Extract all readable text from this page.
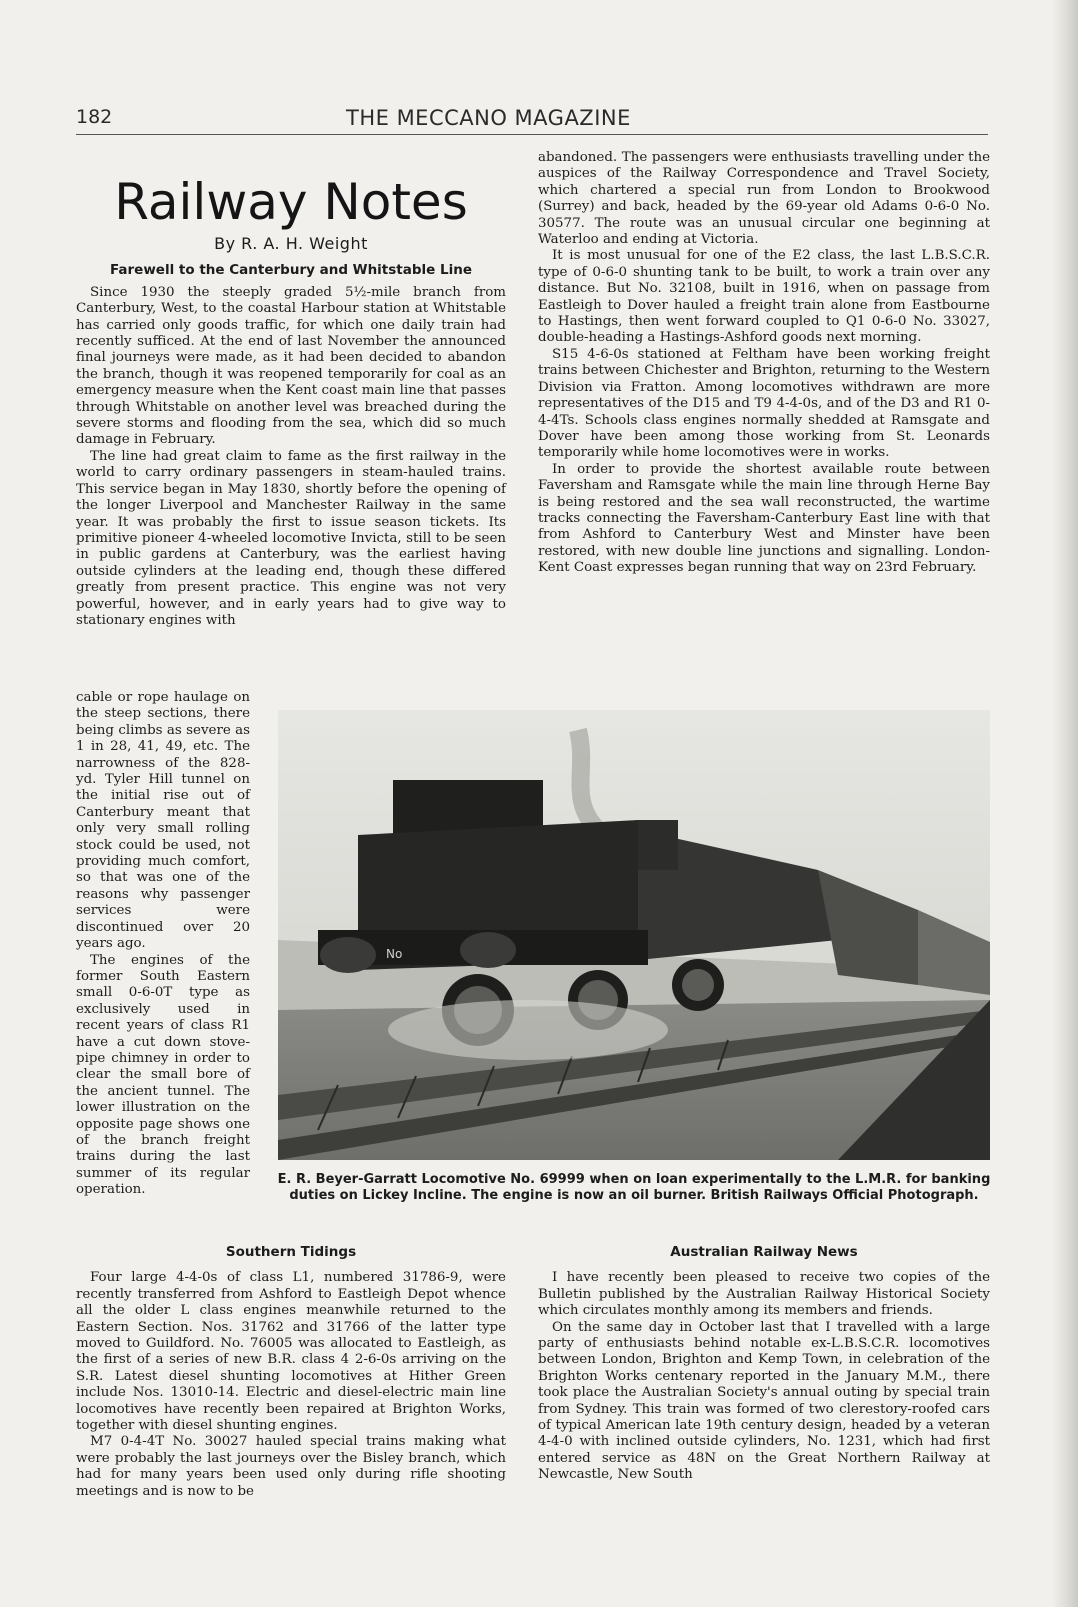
182	THE MECCANO MAGAZINE
Railway Notes
By R. A. H. Weight
Farewell to the Canterbury and Whitstable Line

Since 1930 the steeply graded 5½-mile branch from Canterbury, West, to the coastal Harbour station at Whitstable has carried only goods traffic, for which one daily train had recently sufficed. At the end of last November the announced final journeys were made, as it had been decided to abandon the branch, though it was reopened temporarily for coal as an emergency measure when the Kent coast main line that passes through Whitstable on another level was breached during the severe storms and flooding from the sea, which did so much damage in February.

The line had great claim to fame as the first railway in the world to carry ordinary passengers in steam-hauled trains. This service began in May 1830, shortly before the opening of the longer Liverpool and Manchester Railway in the same year. It was probably the first to issue season tickets. Its primitive pioneer 4-wheeled locomotive Invicta, still to be seen in public gardens at Canterbury, was the earliest having outside cylinders at the leading end, though these differed greatly from present practice. This engine was not very powerful, however, and in early years had to give way to stationary engines with

abandoned. The passengers were enthusiasts travelling under the auspices of the Railway Correspondence and Travel Society, which chartered a special run from London to Brookwood (Surrey) and back, headed by the 69-year old Adams 0-6-0 No. 30577. The route was an unusual circular one beginning at Waterloo and ending at Victoria.

It is most unusual for one of the E2 class, the last L.B.S.C.R. type of 0-6-0 shunting tank to be built, to work a train over any distance. But No. 32108, built in 1916, when on passage from Eastleigh to Dover hauled a freight train alone from Eastbourne to Hastings, then went forward coupled to Q1 0-6-0 No. 33027, double-heading a Hastings-Ashford goods next morning.

S15 4-6-0s stationed at Feltham have been working freight trains between Chichester and Brighton, returning to the Western Division via Fratton. Among locomotives withdrawn are more representatives of the D15 and T9 4-4-0s, and of the D3 and R1 0-4-4Ts. Schools class engines normally shedded at Ramsgate and Dover have been among those working from St. Leonards temporarily while home locomotives were in works.

In order to provide the shortest available route between Faversham and Ramsgate while the main line through Herne Bay is being restored and the sea wall reconstructed, the wartime tracks connecting the Faversham-Canterbury East line with that from Ashford to Canterbury West and Minster have been restored, with new double line junctions and signalling. London-Kent Coast expresses began running that way on 23rd February.

cable or rope haulage on the steep sections, there being climbs as severe as 1 in 28, 41, 49, etc. The narrowness of the 828-yd. Tyler Hill tunnel on the initial rise out of Canterbury meant that only very small rolling stock could be used, not providing much comfort, so that was one of the reasons why passenger services were discontinued over 20 years ago.

The engines of the former South Eastern small 0-6-0T type as exclusively used in recent years of class R1 have a cut down stove-pipe chimney in order to clear the small bore of the ancient tunnel. The lower illustration on the opposite page shows one of the branch freight trains during the last summer of its regular operation.

No
E. R. Beyer-Garratt Locomotive No. 69999 when on loan experimentally to the L.M.R. for banking duties on Lickey Incline. The engine is now an oil burner. British Railways Official Photograph.
Southern Tidings

Four large 4-4-0s of class L1, numbered 31786-9, were recently transferred from Ashford to Eastleigh Depot whence all the older L class engines meanwhile returned to the Eastern Section. Nos. 31762 and 31766 of the latter type moved to Guildford. No. 76005 was allocated to Eastleigh, as the first of a series of new B.R. class 4 2-6-0s arriving on the S.R. Latest diesel shunting locomotives at Hither Green include Nos. 13010-14. Electric and diesel-electric main line locomotives have recently been repaired at Brighton Works, together with diesel shunting engines.

M7 0-4-4T No. 30027 hauled special trains making what were probably the last journeys over the Bisley branch, which had for many years been used only during rifle shooting meetings and is now to be

Australian Railway News

I have recently been pleased to receive two copies of the Bulletin published by the Australian Railway Historical Society which circulates monthly among its members and friends.

On the same day in October last that I travelled with a large party of enthusiasts behind notable ex-L.B.S.C.R. locomotives between London, Brighton and Kemp Town, in celebration of the Brighton Works centenary reported in the January M.M., there took place the Australian Society's annual outing by special train from Sydney. This train was formed of two clerestory-roofed cars of typical American late 19th century design, headed by a veteran 4-4-0 with inclined outside cylinders, No. 1231, which had first entered service as 48N on the Great Northern Railway at Newcastle, New South
